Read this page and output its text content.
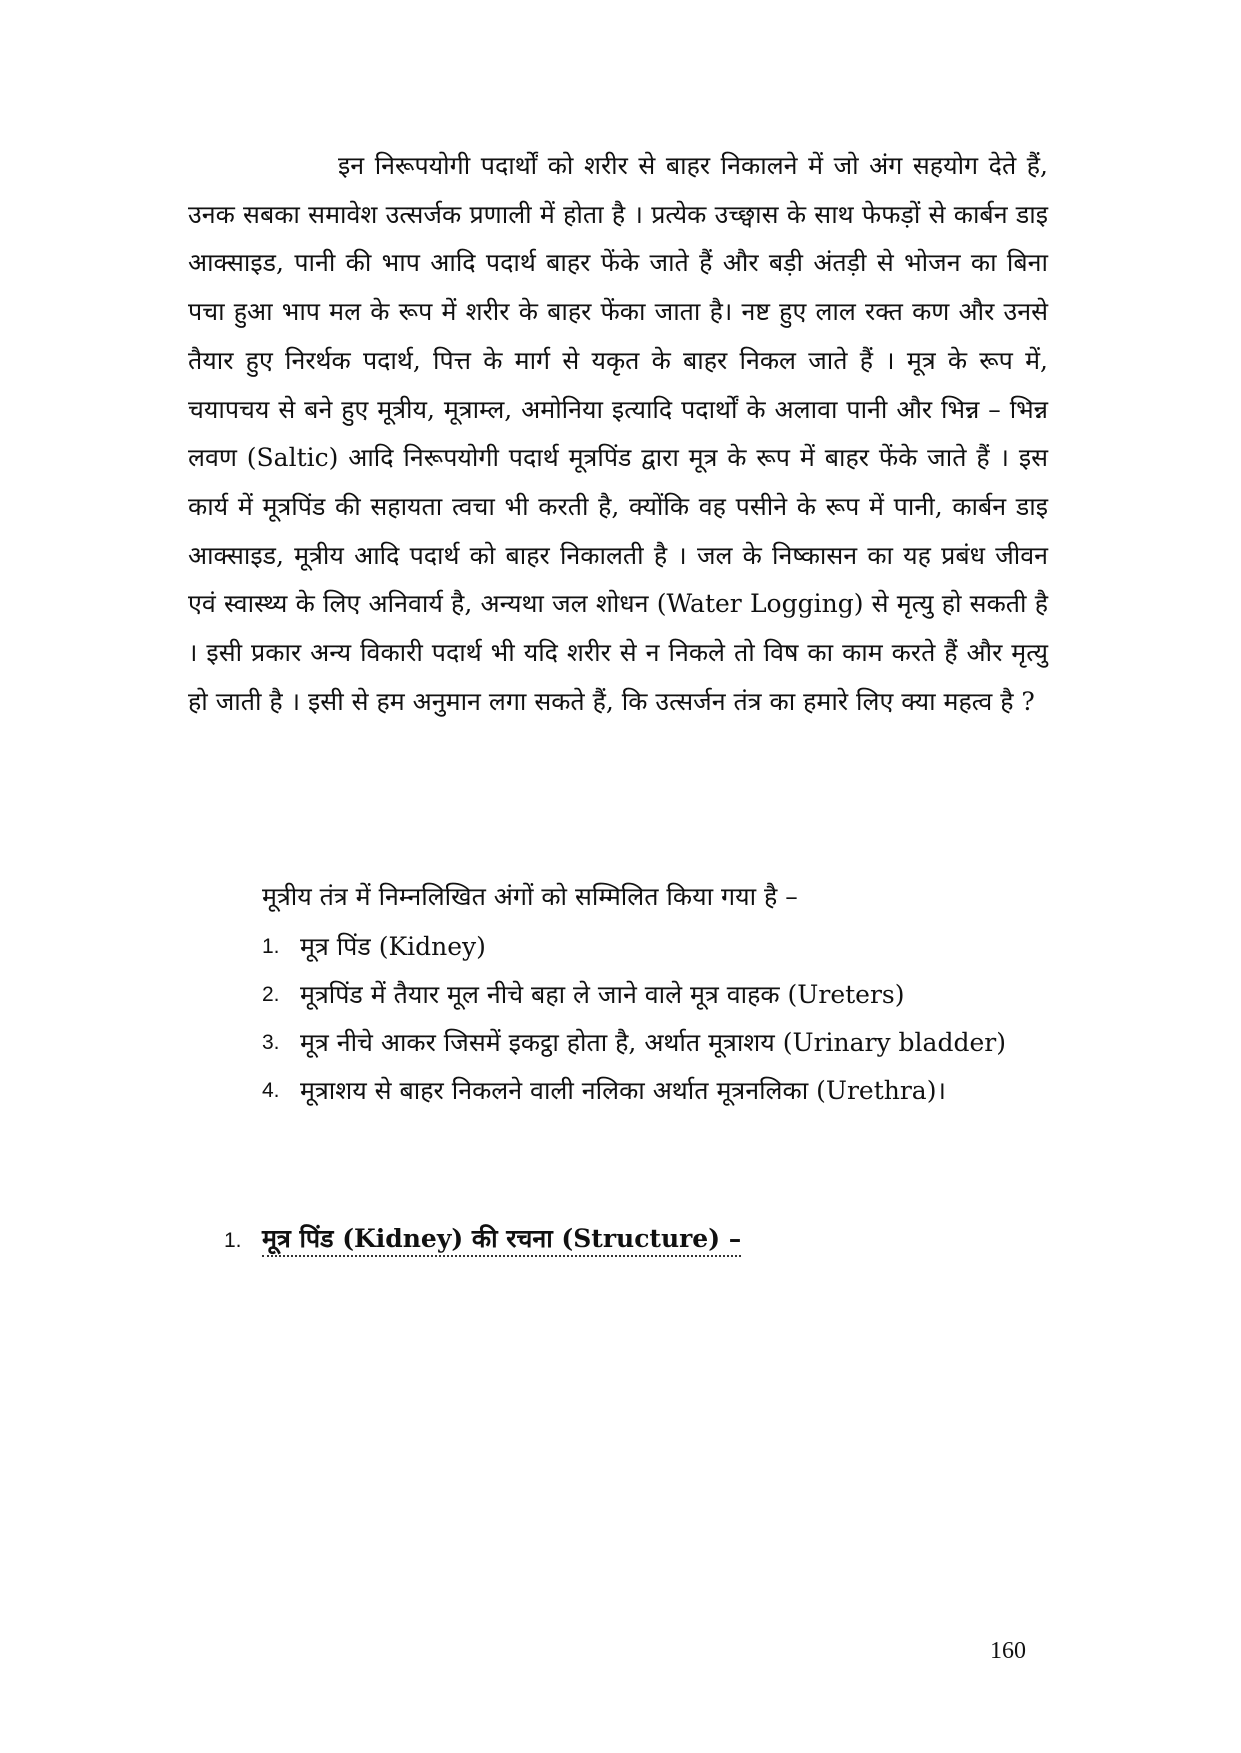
इन निरूपयोगी पदार्थों को शरीर से बाहर निकालने में जो अंग सहयोग देते हैं, उनक सबका समावेश उत्सर्जक प्रणाली में होता है । प्रत्येक उच्छ्वास के साथ फेफड़ों से कार्बन डाइ आक्साइड, पानी की भाप आदि पदार्थ बाहर फेंके जाते हैं और बड़ी अंतड़ी से भोजन का बिना पचा हुआ भाप मल के रूप में शरीर के बाहर फेंका जाता है। नष्ट हुए लाल रक्त कण और उनसे तैयार हुए निरर्थक पदार्थ, पित्त के मार्ग से यकृत के बाहर निकल जाते हैं । मूत्र के रूप में, चयापचय से बने हुए मूत्रीय, मूत्राम्ल, अमोनिया इत्यादि पदार्थों के अलावा पानी और भिन्न – भिन्न लवण (Saltic) आदि निरूपयोगी पदार्थ मूत्रपिंड द्वारा मूत्र के रूप में बाहर फेंके जाते हैं । इस कार्य में मूत्रपिंड की सहायता त्वचा भी करती है, क्योंकि वह पसीने के रूप में पानी, कार्बन डाइ आक्साइड, मूत्रीय आदि पदार्थ को बाहर निकालती है । जल के निष्कासन का यह प्रबंध जीवन एवं स्वास्थ्य के लिए अनिवार्य है, अन्यथा जल शोधन (Water Logging) से मृत्यु हो सकती है । इसी प्रकार अन्य विकारी पदार्थ भी यदि शरीर से न निकले तो विष का काम करते हैं और मृत्यु हो जाती है । इसी से हम अनुमान लगा सकते हैं, कि उत्सर्जन तंत्र का हमारे लिए क्या महत्व है ?

मूत्रीय तंत्र में निम्नलिखित अंगों को सम्मिलित किया गया है –

1. मूत्र पिंड (Kidney)
2. मूत्रपिंड में तैयार मूल नीचे बहा ले जाने वाले मूत्र वाहक (Ureters)
3. मूत्र नीचे आकर जिसमें इकट्ठा होता है, अर्थात मूत्राशय (Urinary bladder)
4. मूत्राशय से बाहर निकलने वाली नलिका अर्थात मूत्रनलिका (Urethra)।

1. मूत्र पिंड (Kidney) की रचना (Structure) –

160
